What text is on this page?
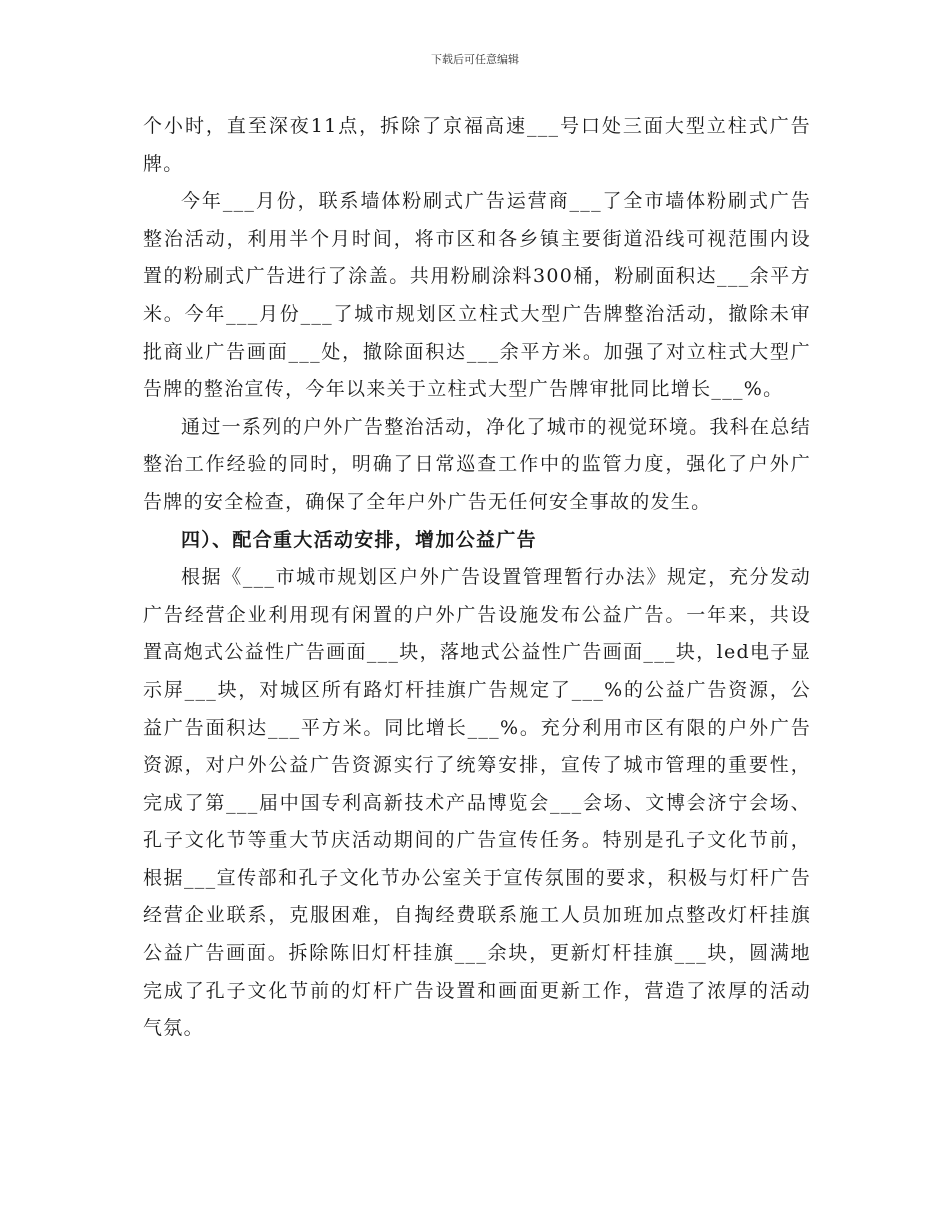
下载后可任意编辑

个小时，直至深夜11点，拆除了京福高速___号口处三面大型立柱式广告牌。

今年___月份，联系墙体粉刷式广告运营商___了全市墙体粉刷式广告整治活动，利用半个月时间，将市区和各乡镇主要街道沿线可视范围内设置的粉刷式广告进行了涂盖。共用粉刷涂料300桶，粉刷面积达___余平方米。今年___月份___了城市规划区立柱式大型广告牌整治活动，撤除未审批商业广告画面___处，撤除面积达___余平方米。加强了对立柱式大型广告牌的整治宣传，今年以来关于立柱式大型广告牌审批同比增长___%。

通过一系列的户外广告整治活动，净化了城市的视觉环境。我科在总结整治工作经验的同时，明确了日常巡查工作中的监管力度，强化了户外广告牌的安全检查，确保了全年户外广告无任何安全事故的发生。

四）、配合重大活动安排，增加公益广告

根据《___市城市规划区户外广告设置管理暂行办法》规定，充分发动广告经营企业利用现有闲置的户外广告设施发布公益广告。一年来，共设置高炮式公益性广告画面___块，落地式公益性广告画面___块，led电子显示屏___块，对城区所有路灯杆挂旗广告规定了___%的公益广告资源，公益广告面积达___平方米。同比增长___%。充分利用市区有限的户外广告资源，对户外公益广告资源实行了统筹安排，宣传了城市管理的重要性，完成了第___届中国专利高新技术产品博览会___会场、文博会济宁会场、孔子文化节等重大节庆活动期间的广告宣传任务。特别是孔子文化节前，根据___宣传部和孔子文化节办公室关于宣传氛围的要求，积极与灯杆广告经营企业联系，克服困难，自掏经费联系施工人员加班加点整改灯杆挂旗公益广告画面。拆除陈旧灯杆挂旗___余块，更新灯杆挂旗___块，圆满地完成了孔子文化节前的灯杆广告设置和画面更新工作，营造了浓厚的活动气氛。
